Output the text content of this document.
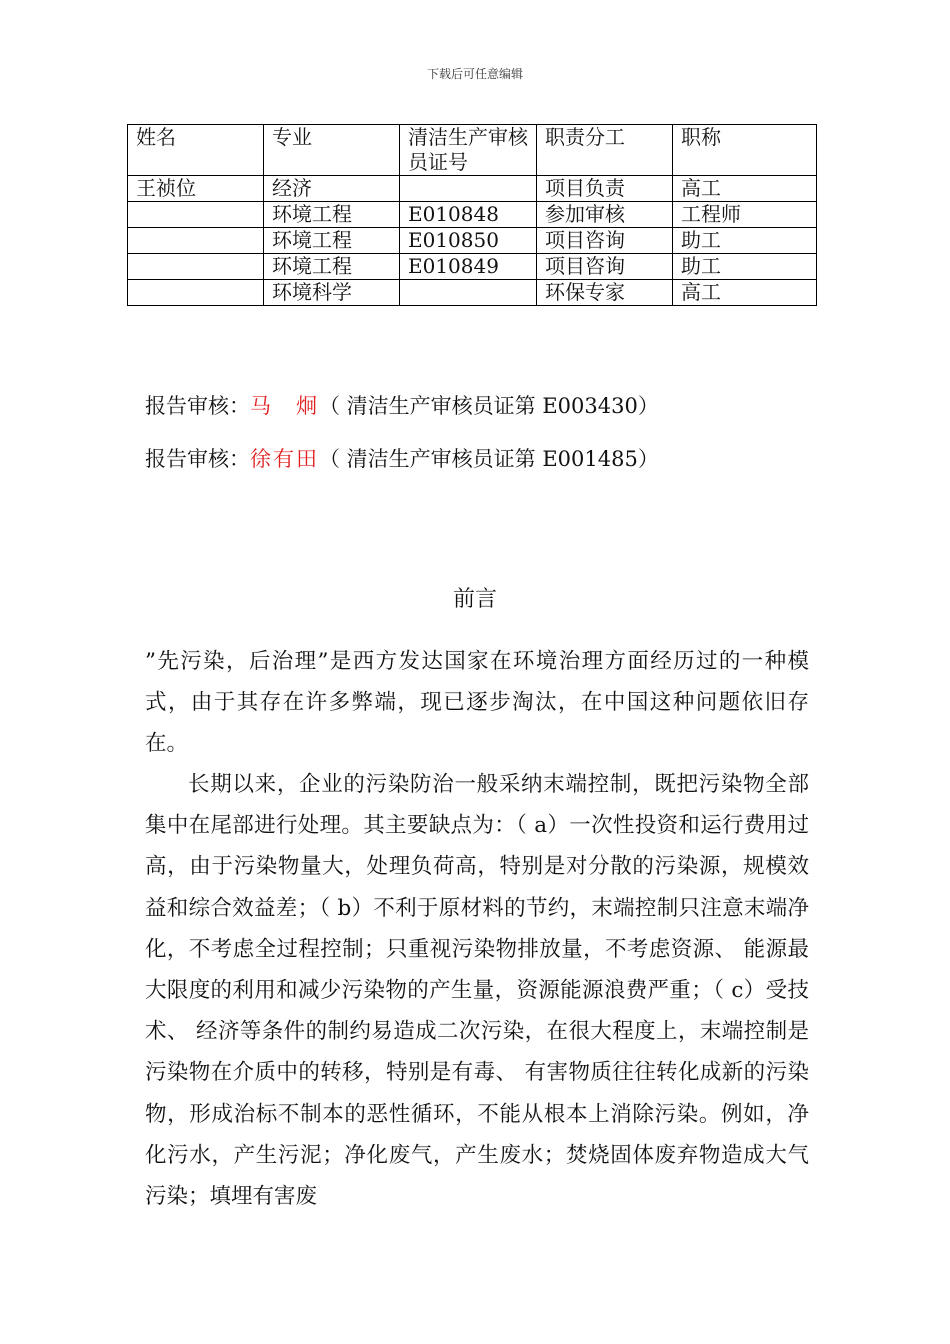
下载后可任意编辑
姓名	专业	清洁生产审核员证号	职责分工	职称
王祯位	经济		项目负责	高工
	环境工程	E010848	参加审核	工程师
	环境工程	E010850	项目咨询	助工
	环境工程	E010849	项目咨询	助工
	环境科学		环保专家	高工
报告审核：马　炯（ 清洁生产审核员证第 E003430）
报告审核：徐有田（ 清洁生产审核员证第 E001485）
前言
”先污染，后治理”是西方发达国家在环境治理方面经历过的一种模式，由于其存在许多弊端，现已逐步淘汰，在中国这种问题依旧存在。
长期以来，企业的污染防治一般采纳末端控制，既把污染物全部集中在尾部进行处理。其主要缺点为：（ a）一次性投资和运行费用过高，由于污染物量大，处理负荷高，特别是对分散的污染源，规模效益和综合效益差；（ b）不利于原材料的节约，末端控制只注意末端净化，不考虑全过程控制；只重视污染物排放量，不考虑资源、 能源最大限度的利用和减少污染物的产生量，资源能源浪费严重；（ c）受技术、 经济等条件的制约易造成二次污染，在很大程度上，末端控制是污染物在介质中的转移，特别是有毒、 有害物质往往转化成新的污染物，形成治标不制本的恶性循环，不能从根本上消除污染。例如，净化污水，产生污泥；净化废气，产生废水；焚烧固体废弃物造成大气污染；填埋有害废
